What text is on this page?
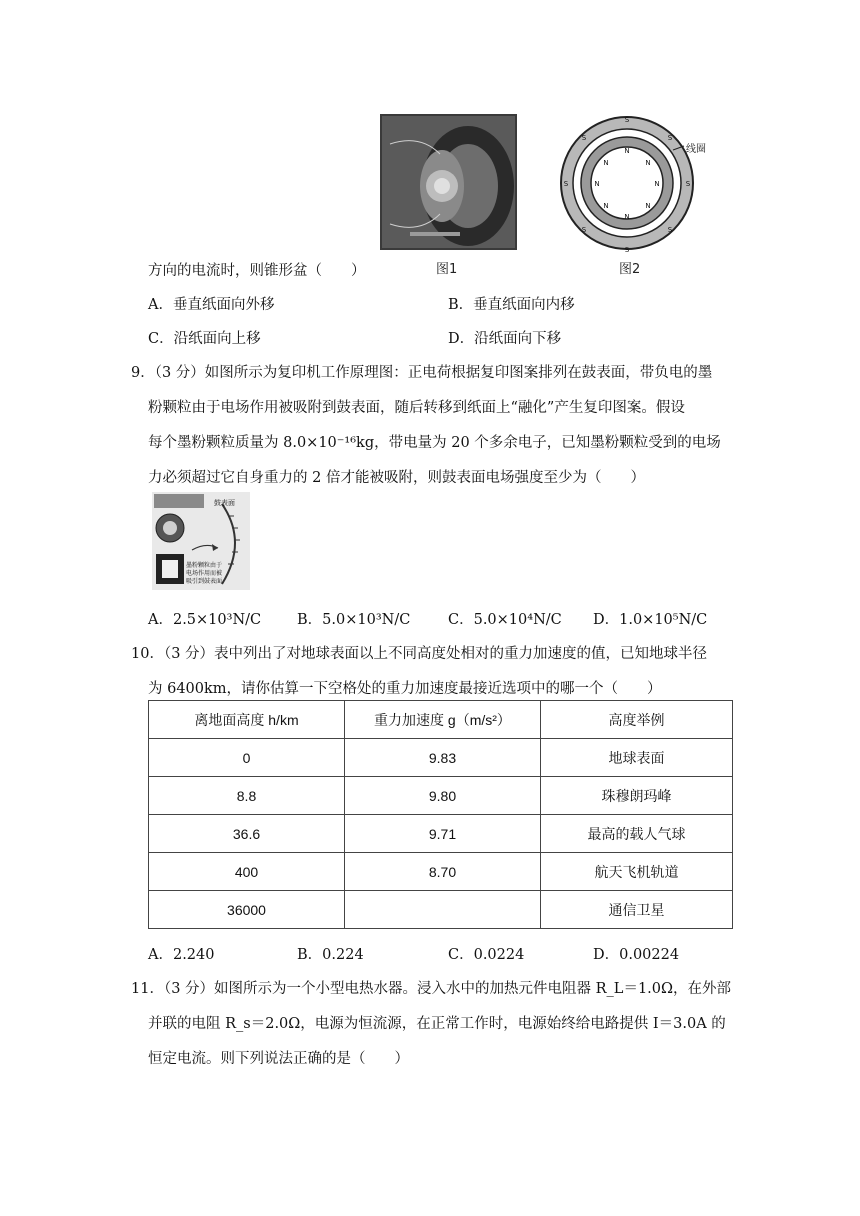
图1
S
S
S	S
S	S
S	S
N
N
N	N
N	N
N	N
线圈
图2
方向的电流时，则锥形盆（　　）
A．垂直纸面向外移	B．垂直纸面向内移
C．沿纸面向上移	D．沿纸面向下移
9．（3 分）如图所示为复印机工作原理图：正电荷根据复印图案排列在鼓表面，带负电的墨
粉颗粒由于电场作用被吸附到鼓表面，随后转移到纸面上“融化”产生复印图案。假设
每个墨粉颗粒质量为 8.0×10⁻¹⁶kg，带电量为 20 个多余电子，已知墨粉颗粒受到的电场
力必须超过它自身重力的 2 倍才能被吸附，则鼓表面电场强度至少为（　　）
鼓表面
墨粉颗粒由于电场作用而被吸引到鼓表面
A．2.5×10³N/C B．5.0×10³N/C	C．5.0×10⁴N/C D．1.0×10⁵N/C
10．（3 分）表中列出了对地球表面以上不同高度处相对的重力加速度的值，已知地球半径
为 6400km，请你估算一下空格处的重力加速度最接近选项中的哪一个（　　）
离地面高度 h/km	重力加速度 g（m/s²）	高度举例
0	9.83	地球表面
8.8	9.80	珠穆朗玛峰
36.6	9.71	最高的载人气球
400	8.70	航天飞机轨道
36000		通信卫星
A．2.240	B．0.224	C．0.0224	D．0.00224
11．（3 分）如图所示为一个小型电热水器。浸入水中的加热元件电阻器 R_L＝1.0Ω，在外部
并联的电阻 R_s＝2.0Ω，电源为恒流源，在正常工作时，电源始终给电路提供 I＝3.0A 的
恒定电流。则下列说法正确的是（　　）
